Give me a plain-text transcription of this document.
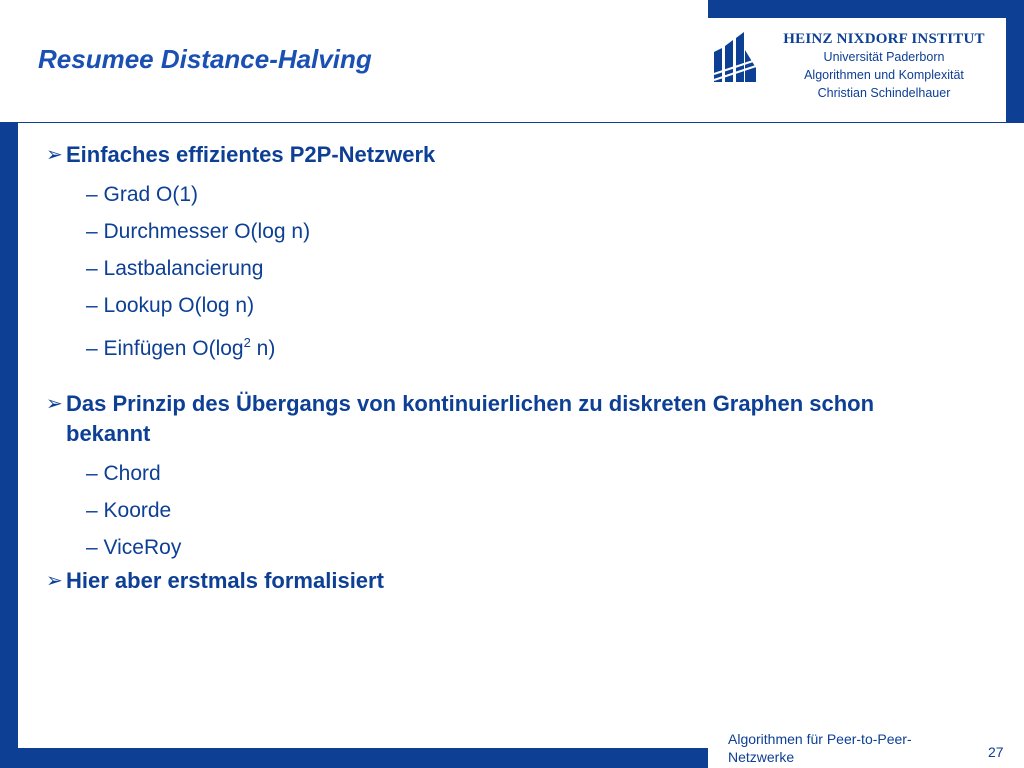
Resumee Distance-Halving
HEINZ NIXDORF INSTITUT
Universität Paderborn
Algorithmen und Komplexität
Christian Schindelhauer
➢ Einfaches effizientes P2P-Netzwerk
– Grad O(1)
– Durchmesser O(log n)
– Lastbalancierung
– Lookup O(log n)
– Einfügen $O(\log^2$ n)
➢ Das Prinzip des Übergangs von kontinuierlichen zu diskreten Graphen schon bekannt
– Chord
– Koorde
– ViceRoy
➢ Hier aber erstmals formalisiert
Algorithmen für Peer-to-Peer-Netzwerke	27
